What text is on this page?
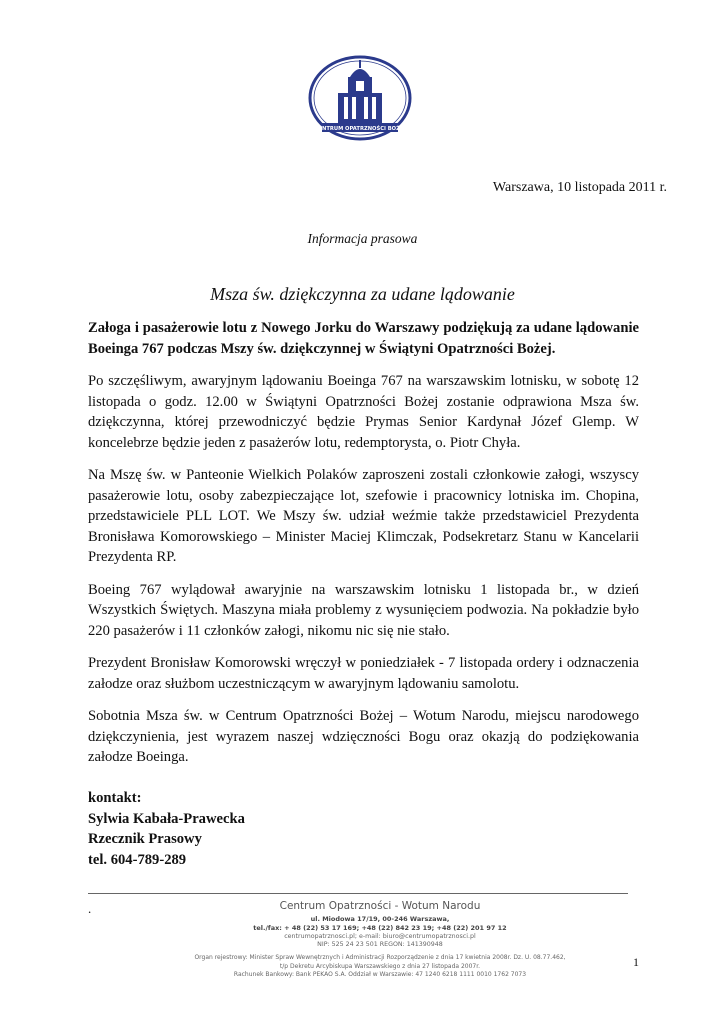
CENTRUM OPATRZNOŚCI BOŻEJ
Warszawa, 10 listopada 2011 r.
Informacja prasowa
Msza św. dziękczynna za udane lądowanie

Załoga i pasażerowie lotu z Nowego Jorku do Warszawy podziękują za udane lądowanie Boeinga 767 podczas Mszy św. dziękczynnej w Świątyni Opatrzności Bożej.

Po szczęśliwym, awaryjnym lądowaniu Boeinga 767 na warszawskim lotnisku, w sobotę 12 listopada o godz. 12.00 w Świątyni Opatrzności Bożej zostanie odprawiona Msza św. dziękczynna, której przewodniczyć będzie Prymas Senior Kardynał Józef Glemp. W koncelebrze będzie jeden z pasażerów lotu, redemptorysta, o. Piotr Chyła.

Na Mszę św. w Panteonie Wielkich Polaków zaproszeni zostali członkowie załogi, wszyscy pasażerowie lotu, osoby zabezpieczające lot, szefowie i pracownicy lotniska im. Chopina, przedstawiciele PLL LOT. We Mszy św. udział weźmie także przedstawiciel Prezydenta Bronisława Komorowskiego – Minister Maciej Klimczak, Podsekretarz Stanu w Kancelarii Prezydenta RP.

Boeing 767 wylądował awaryjnie na warszawskim lotnisku 1 listopada br., w dzień Wszystkich Świętych. Maszyna miała problemy z wysunięciem podwozia. Na pokładzie było 220 pasażerów i 11 członków załogi, nikomu nic się nie stało.

Prezydent Bronisław Komorowski wręczył w poniedziałek - 7 listopada ordery i odznaczenia załodze oraz służbom uczestniczącym w awaryjnym lądowaniu samolotu.

Sobotnia Msza św. w Centrum Opatrzności Bożej – Wotum Narodu, miejscu narodowego dziękczynienia, jest wyrazem naszej wdzięczności Bogu oraz okazją do podziękowania załodze Boeinga.

kontakt:
Sylwia Kabała-Prawecka
Rzecznik Prasowy
tel. 604-789-289
.	Centrum Opatrzności - Wotum Narodu
ul. Miodowa 17/19, 00-246 Warszawa,
tel./fax: + 48 (22) 53 17 169; +48 (22) 842 23 19; +48 (22) 201 97 12
centrumopatrznosci.pl; e-mail: biuro@centrumopatrznosci.pl
NIP: 525 24 23 501 REGON: 141390948
Organ rejestrowy: Minister Spraw Wewnętrznych i Administracji Rozporządzenie z dnia 17 kwietnia 2008r. Dz. U. 08.77.462,
t/p Dekretu Arcybiskupa Warszawskiego z dnia 27 listopada 2007r.
Rachunek Bankowy: Bank PEKAO S.A. Oddział w Warszawie: 47 1240 6218 1111 0010 1762 7073
1
